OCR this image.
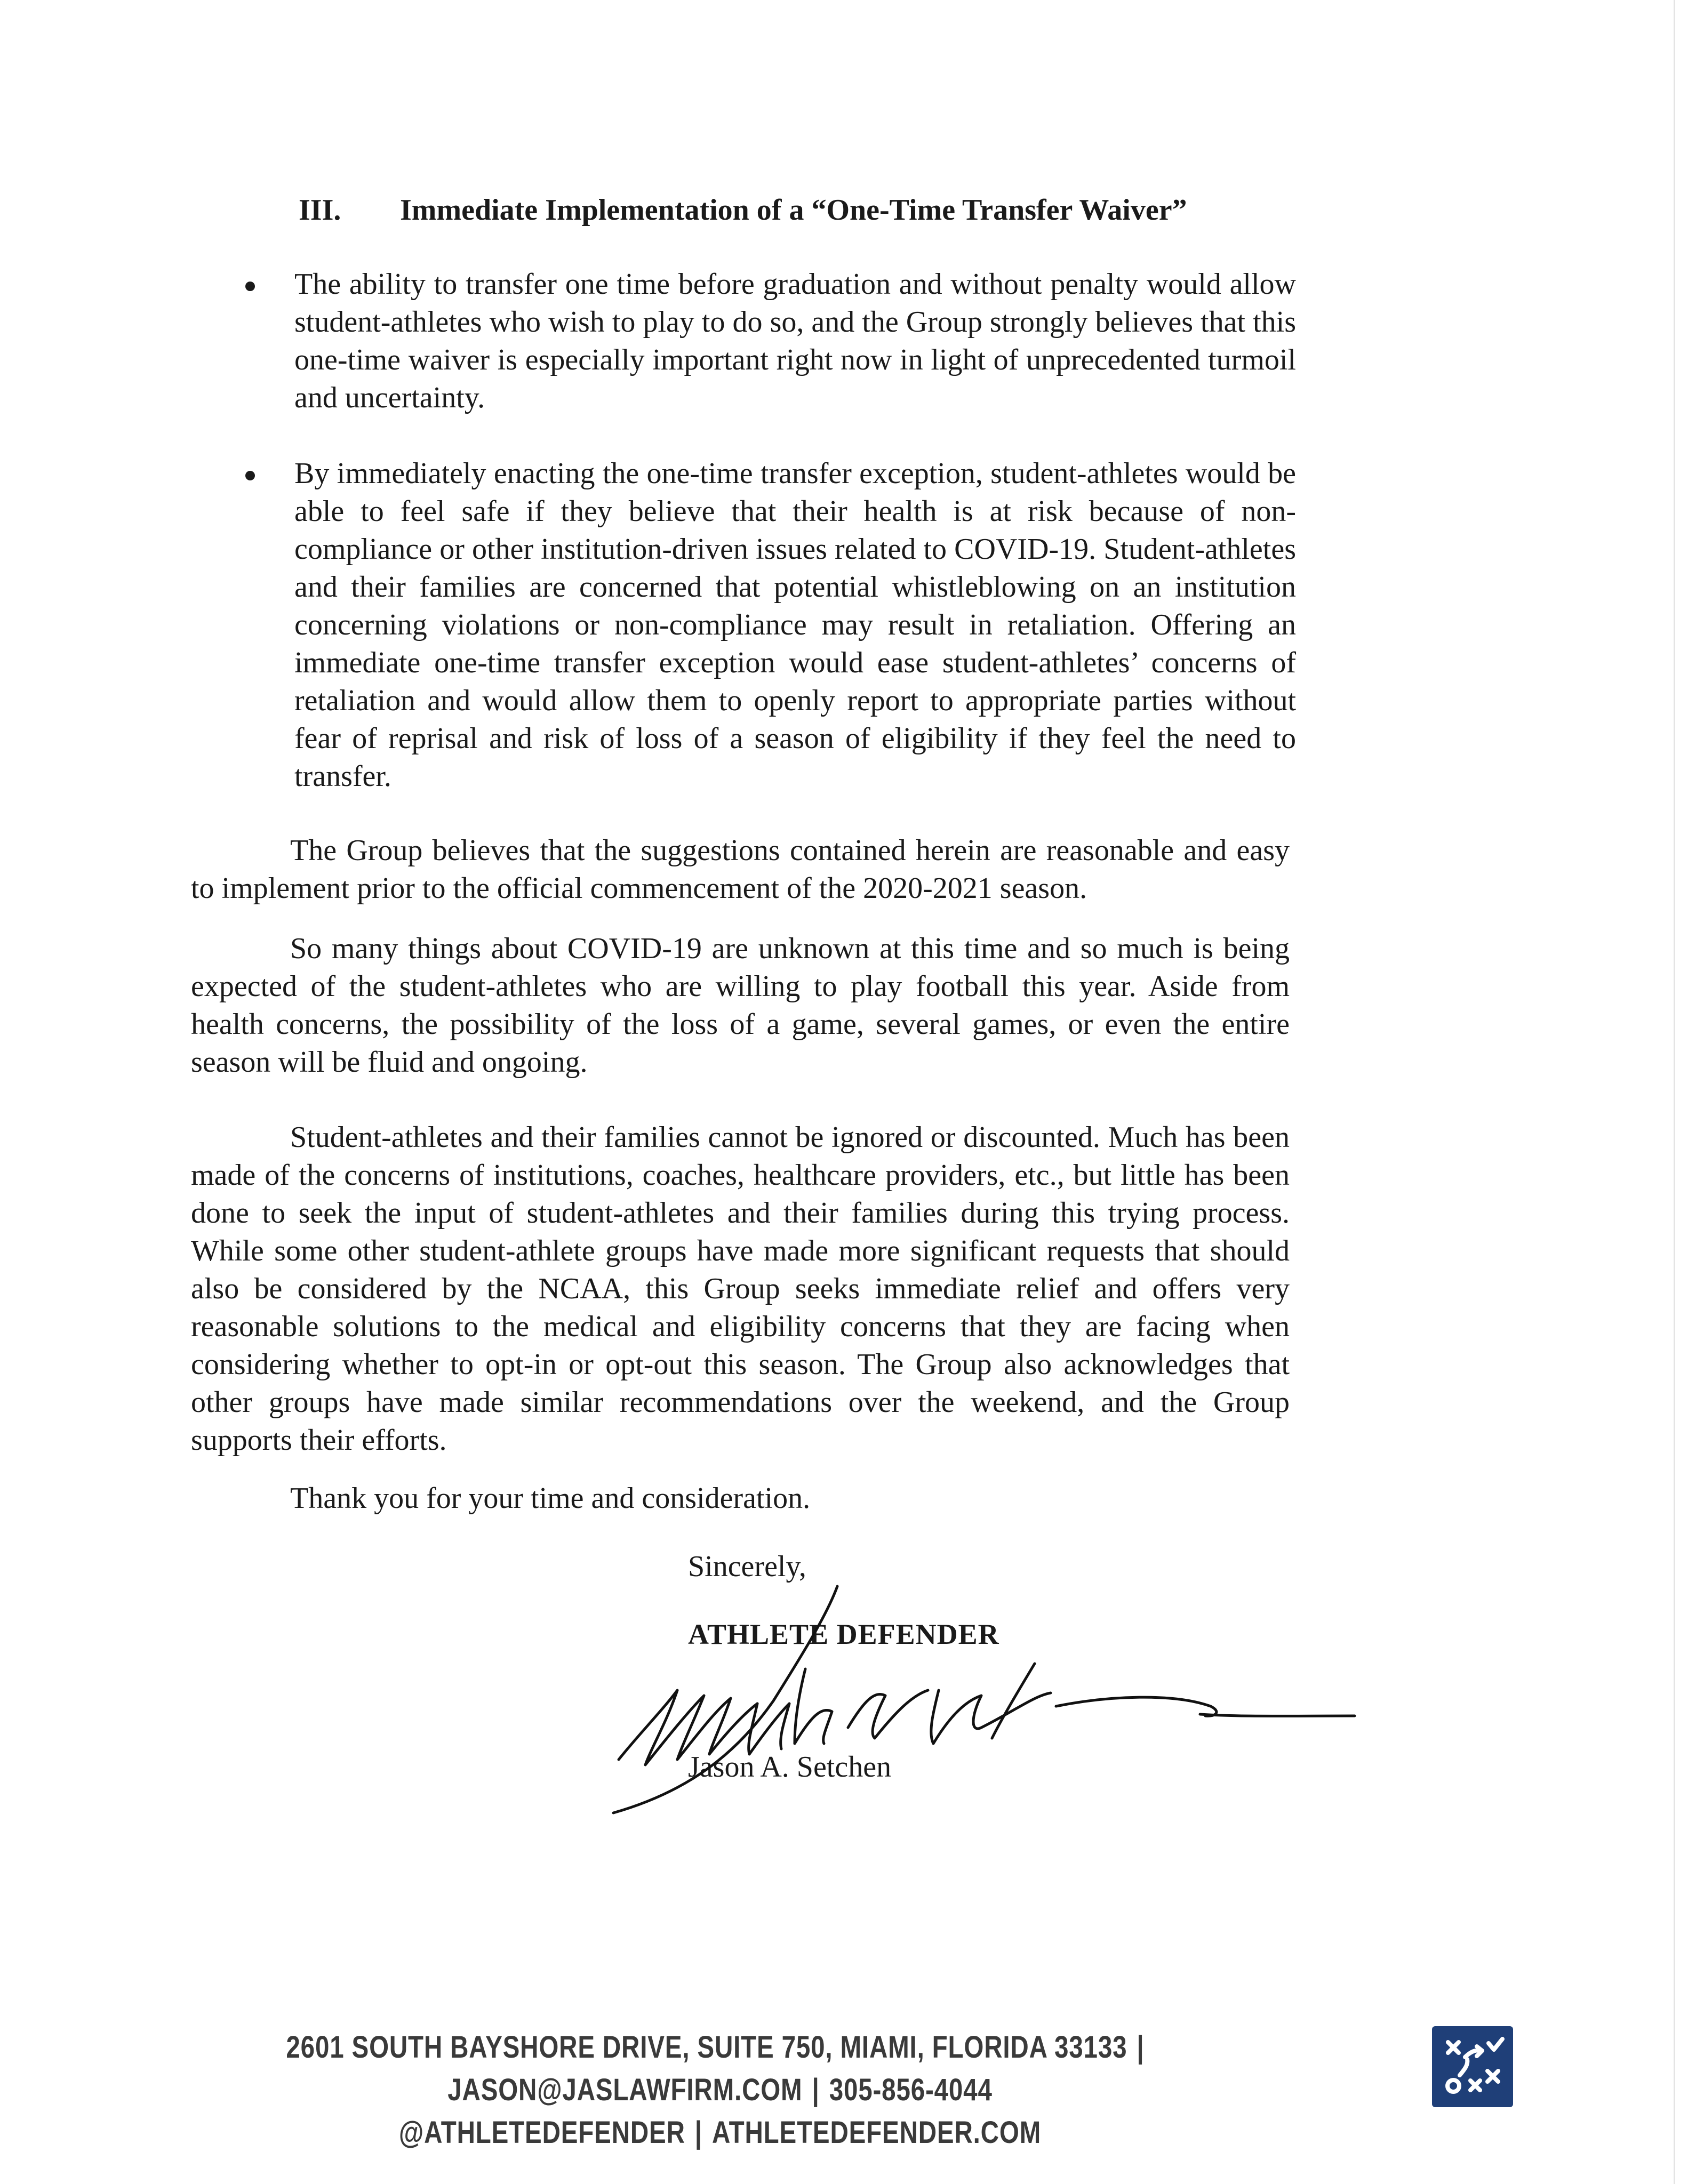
III. Immediate Implementation of a “One-Time Transfer Waiver”
The ability to transfer one time before graduation and without penalty would allow student-athletes who wish to play to do so, and the Group strongly believes that this one-time waiver is especially important right now in light of unprecedented turmoil and uncertainty.
By immediately enacting the one-time transfer exception, student-athletes would be able to feel safe if they believe that their health is at risk because of non-compliance or other institution-driven issues related to COVID-19. Student-athletes and their families are concerned that potential whistleblowing on an institution concerning violations or non-compliance may result in retaliation. Offering an immediate one-time transfer exception would ease student-athletes’ concerns of retaliation and would allow them to openly report to appropriate parties without fear of reprisal and risk of loss of a season of eligibility if they feel the need to transfer.
The Group believes that the suggestions contained herein are reasonable and easy to implement prior to the official commencement of the 2020-2021 season.
So many things about COVID-19 are unknown at this time and so much is being expected of the student-athletes who are willing to play football this year. Aside from health concerns, the possibility of the loss of a game, several games, or even the entire season will be fluid and ongoing.
Student-athletes and their families cannot be ignored or discounted. Much has been made of the concerns of institutions, coaches, healthcare providers, etc., but little has been done to seek the input of student-athletes and their families during this trying process. While some other student-athlete groups have made more significant requests that should also be considered by the NCAA, this Group seeks immediate relief and offers very reasonable solutions to the medical and eligibility concerns that they are facing when considering whether to opt-in or opt-out this season. The Group also acknowledges that other groups have made similar recommendations over the weekend, and the Group supports their efforts.
Thank you for your time and consideration.
Sincerely,
ATHLETE DEFENDER
Jason A. Setchen
2601 SOUTH BAYSHORE DRIVE, SUITE 750, MIAMI, FLORIDA 33133 |JASON@JASLAWFIRM.COM | 305-856-4044
@ATHLETEDEFENDER | ATHLETEDEFENDER.COM
